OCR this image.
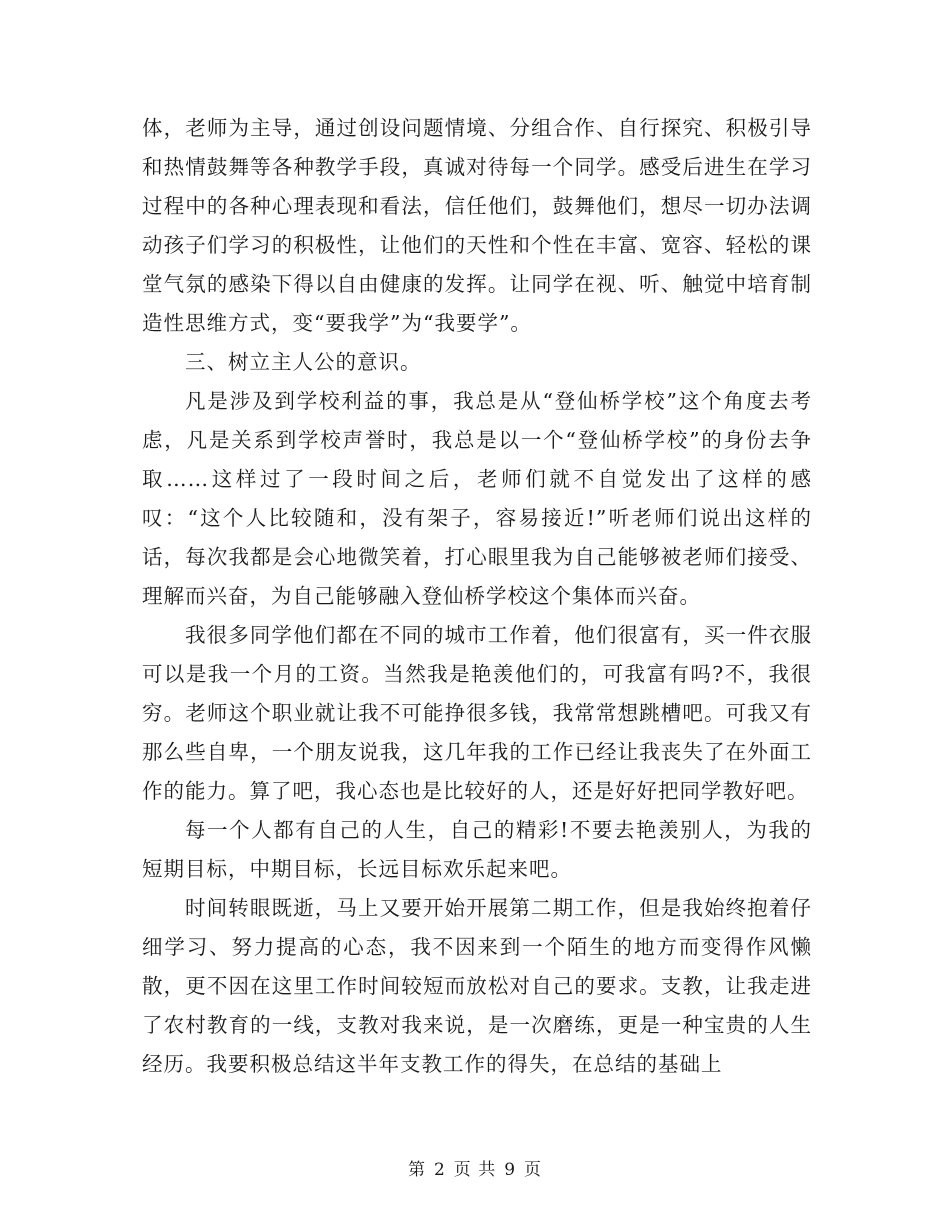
体，老师为主导，通过创设问题情境、分组合作、自行探究、积极引导和热情鼓舞等各种教学手段，真诚对待每一个同学。感受后进生在学习过程中的各种心理表现和看法，信任他们，鼓舞他们，想尽一切办法调动孩子们学习的积极性，让他们的天性和个性在丰富、宽容、轻松的课堂气氛的感染下得以自由健康的发挥。让同学在视、听、触觉中培育制造性思维方式，变“要我学”为“我要学”。

三、树立主人公的意识。

凡是涉及到学校利益的事，我总是从“登仙桥学校”这个角度去考虑，凡是关系到学校声誉时，我总是以一个“登仙桥学校”的身份去争取……这样过了一段时间之后，老师们就不自觉发出了这样的感叹：“这个人比较随和，没有架子，容易接近!”听老师们说出这样的话，每次我都是会心地微笑着，打心眼里我为自己能够被老师们接受、理解而兴奋，为自己能够融入登仙桥学校这个集体而兴奋。

我很多同学他们都在不同的城市工作着，他们很富有，买一件衣服可以是我一个月的工资。当然我是艳羡他们的，可我富有吗?不，我很穷。老师这个职业就让我不可能挣很多钱，我常常想跳槽吧。可我又有那么些自卑，一个朋友说我，这几年我的工作已经让我丧失了在外面工作的能力。算了吧，我心态也是比较好的人，还是好好把同学教好吧。

每一个人都有自己的人生，自己的精彩!不要去艳羡别人，为我的短期目标，中期目标，长远目标欢乐起来吧。

时间转眼既逝，马上又要开始开展第二期工作，但是我始终抱着仔细学习、努力提高的心态，我不因来到一个陌生的地方而变得作风懒散，更不因在这里工作时间较短而放松对自己的要求。支教，让我走进了农村教育的一线，支教对我来说，是一次磨练，更是一种宝贵的人生经历。我要积极总结这半年支教工作的得失，在总结的基础上

第 2 页 共 9 页
